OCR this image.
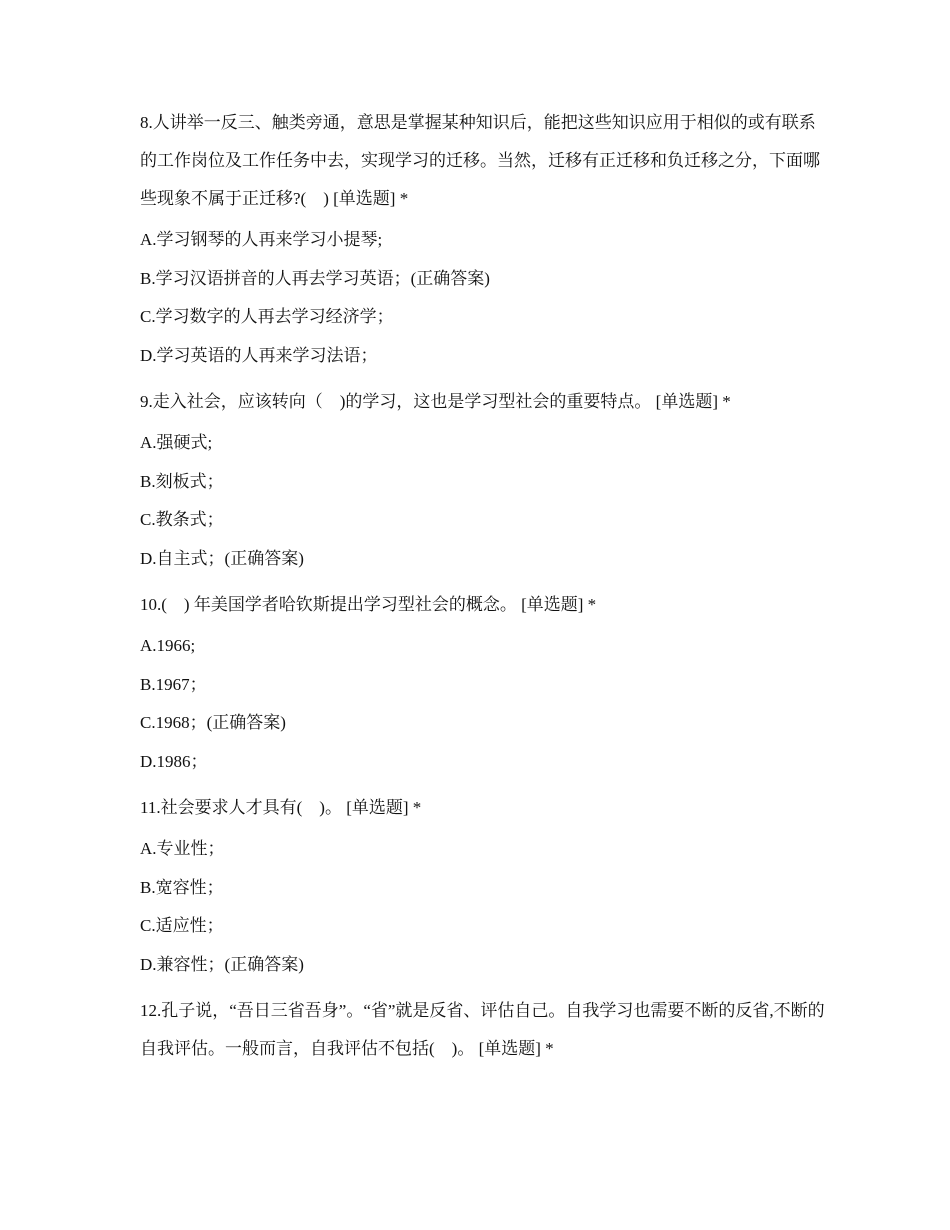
8.人讲举一反三、触类旁通，意思是掌握某种知识后，能把这些知识应用于相似的或有联系的工作岗位及工作任务中去，实现学习的迁移。当然，迁移有正迁移和负迁移之分，下面哪些现象不属于正迁移?(　) [单选题] *

A.学习钢琴的人再来学习小提琴;

B.学习汉语拼音的人再去学习英语；(正确答案)

C.学习数字的人再去学习经济学；

D.学习英语的人再来学习法语；

9.走入社会，应该转向（　)的学习，这也是学习型社会的重要特点。 [单选题] *

A.强硬式;

B.刻板式；

C.教条式；

D.自主式；(正确答案)

10.(　) 年美国学者哈钦斯提出学习型社会的概念。 [单选题] *

A.1966;

B.1967；

C.1968；(正确答案)

D.1986；

11.社会要求人才具有(　)。 [单选题] *

A.专业性；

B.宽容性；

C.适应性；

D.兼容性；(正确答案)

12.孔子说，“吾日三省吾身”。“省”就是反省、评估自己。自我学习也需要不断的反省,不断的自我评估。一般而言，自我评估不包括(　)。 [单选题] *
